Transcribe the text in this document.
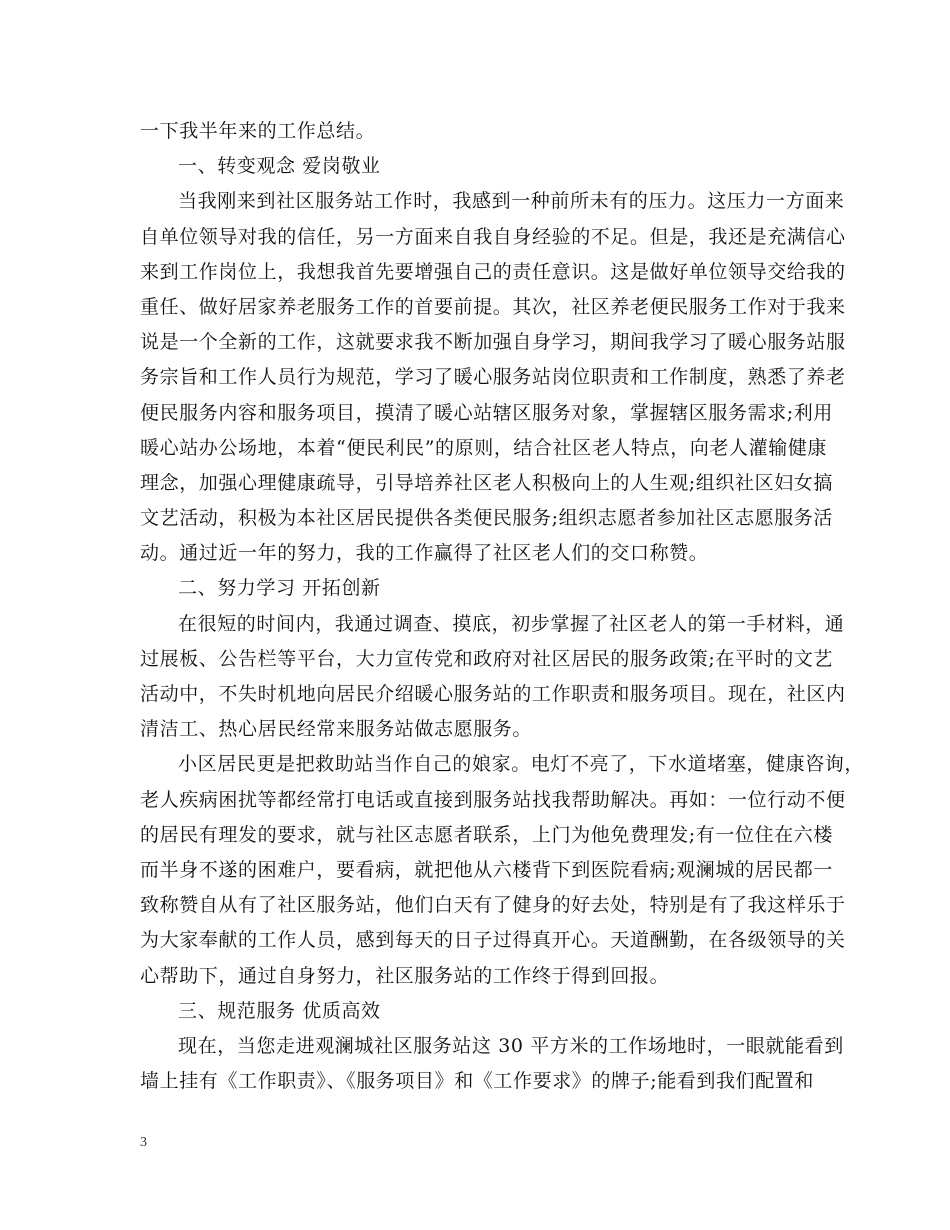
一下我半年来的工作总结。
一、转变观念 爱岗敬业
当我刚来到社区服务站工作时，我感到一种前所未有的压力。这压力一方面来
自单位领导对我的信任，另一方面来自我自身经验的不足。但是，我还是充满信心
来到工作岗位上，我想我首先要增强自己的责任意识。这是做好单位领导交给我的
重任、做好居家养老服务工作的首要前提。其次，社区养老便民服务工作对于我来
说是一个全新的工作，这就要求我不断加强自身学习，期间我学习了暖心服务站服
务宗旨和工作人员行为规范，学习了暖心服务站岗位职责和工作制度，熟悉了养老
便民服务内容和服务项目，摸清了暖心站辖区服务对象，掌握辖区服务需求;利用
暖心站办公场地，本着“便民利民”的原则，结合社区老人特点，向老人灌输健康
理念，加强心理健康疏导，引导培养社区老人积极向上的人生观;组织社区妇女搞
文艺活动，积极为本社区居民提供各类便民服务;组织志愿者参加社区志愿服务活
动。通过近一年的努力，我的工作赢得了社区老人们的交口称赞。
二、努力学习 开拓创新
在很短的时间内，我通过调查、摸底，初步掌握了社区老人的第一手材料，通
过展板、公告栏等平台，大力宣传党和政府对社区居民的服务政策;在平时的文艺
活动中，不失时机地向居民介绍暖心服务站的工作职责和服务项目。现在，社区内
清洁工、热心居民经常来服务站做志愿服务。
小区居民更是把救助站当作自己的娘家。电灯不亮了，下水道堵塞，健康咨询，
老人疾病困扰等都经常打电话或直接到服务站找我帮助解决。再如：一位行动不便
的居民有理发的要求，就与社区志愿者联系，上门为他免费理发;有一位住在六楼
而半身不遂的困难户，要看病，就把他从六楼背下到医院看病;观澜城的居民都一
致称赞自从有了社区服务站，他们白天有了健身的好去处，特别是有了我这样乐于
为大家奉献的工作人员，感到每天的日子过得真开心。天道酬勤，在各级领导的关
心帮助下，通过自身努力，社区服务站的工作终于得到回报。
三、规范服务 优质高效
现在，当您走进观澜城社区服务站这 30 平方米的工作场地时，一眼就能看到
墙上挂有《工作职责》、《服务项目》和《工作要求》的牌子;能看到我们配置和
3
